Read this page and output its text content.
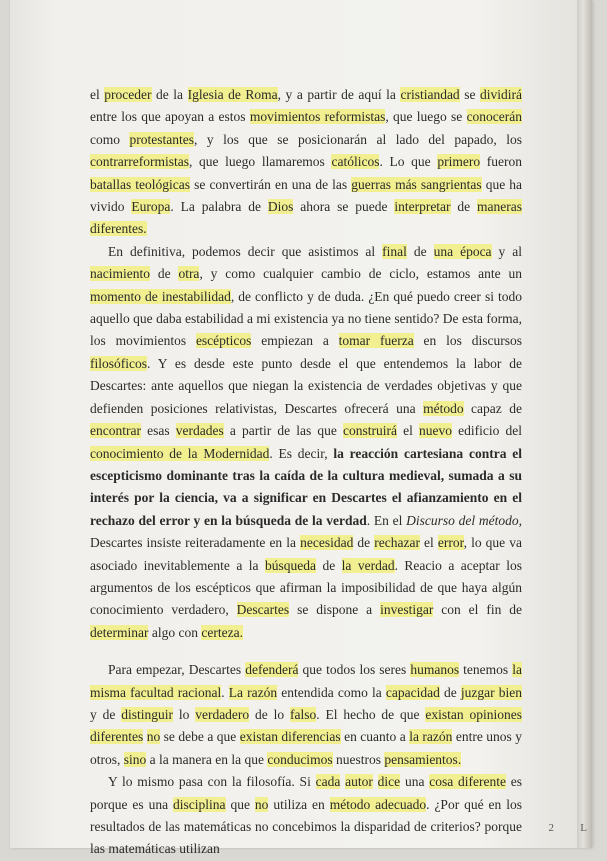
el proceder de la Iglesia de Roma, y a partir de aquí la cristiandad se dividirá entre los que apoyan a estos movimientos reformistas, que luego se conocerán como protestantes, y los que se posicionarán al lado del papado, los contrarreformistas, que luego llamaremos católicos. Lo que primero fueron batallas teológicas se convertirán en una de las guerras más sangrientas que ha vivido Europa. La palabra de Dios ahora se puede interpretar de maneras diferentes.

En definitiva, podemos decir que asistimos al final de una época y al nacimiento de otra, y como cualquier cambio de ciclo, estamos ante un momento de inestabilidad, de conflicto y de duda. ¿En qué puedo creer si todo aquello que daba estabilidad a mi existencia ya no tiene sentido? De esta forma, los movimientos escépticos empiezan a tomar fuerza en los discursos filosóficos. Y es desde este punto desde el que entendemos la labor de Descartes: ante aquellos que niegan la existencia de verdades objetivas y que defienden posiciones relativistas, Descartes ofrecerá una método capaz de encontrar esas verdades a partir de las que construirá el nuevo edificio del conocimiento de la Modernidad. Es decir, la reacción cartesiana contra el escepticismo dominante tras la caída de la cultura medieval, sumada a su interés por la ciencia, va a significar en Descartes el afianzamiento en el rechazo del error y en la búsqueda de la verdad. En el Discurso del método, Descartes insiste reiteradamente en la necesidad de rechazar el error, lo que va asociado inevitablemente a la búsqueda de la verdad. Reacio a aceptar los argumentos de los escépticos que afirman la imposibilidad de que haya algún conocimiento verdadero, Descartes se dispone a investigar con el fin de determinar algo con certeza.

Para empezar, Descartes defenderá que todos los seres humanos tenemos la misma facultad racional. La razón entendida como la capacidad de juzgar bien y de distinguir lo verdadero de lo falso. El hecho de que existan opiniones diferentes no se debe a que existan diferencias en cuanto a la razón entre unos y otros, sino a la manera en la que conducimos nuestros pensamientos.

Y lo mismo pasa con la filosofía. Si cada autor dice una cosa diferente es porque es una disciplina que no utiliza en método adecuado. ¿Por qué en los resultados de las matemáticas no concebimos la disparidad de criterios? porque las matemáticas utilizan

2 L
